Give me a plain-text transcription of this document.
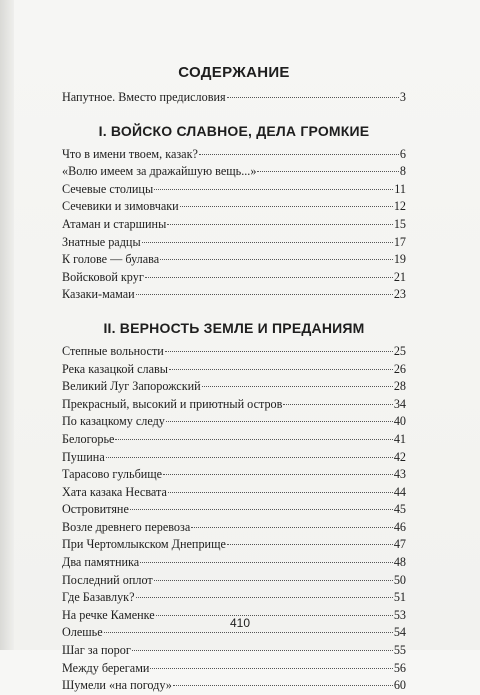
СОДЕРЖАНИЕ
Напутное. Вместо предисловия	3
I. ВОЙСКО СЛАВНОЕ, ДЕЛА ГРОМКИЕ
Что в имени твоем, казак?	6
«Волю имеем за дражайшую вещь...»	8
Сечевые столицы	11
Сечевики и зимовчаки	12
Атаман и старшины	15
Знатные радцы	17
К голове — булава	19
Войсковой круг	21
Казаки-мамаи	23
II. ВЕРНОСТЬ ЗЕМЛЕ И ПРЕДАНИЯМ
Степные вольности	25
Река казацкой славы	26
Великий Луг Запорожский	28
Прекрасный, высокий и приютный остров	34
По казацкому следу	40
Белогорье	41
Пушина	42
Тарасово гульбище	43
Хата казака Несвата	44
Островитяне	45
Возле древнего перевоза	46
При Чертомлыкском Днеприще	47
Два памятника	48
Последний оплот	50
Где Базавлук?	51
На речке Каменке	53
Олешье	54
Шаг за порог	55
Между берегами	56
Шумели «на погоду»	60
410
